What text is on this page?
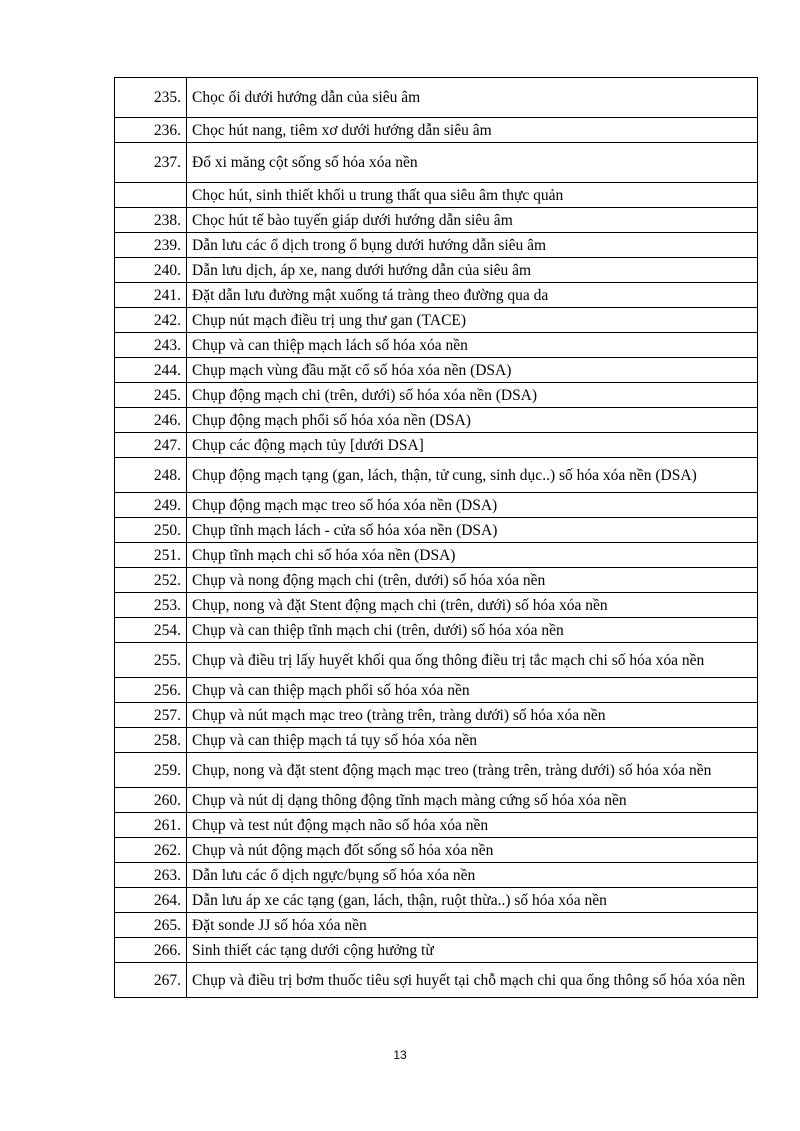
235.	Chọc ối dưới hướng dẫn của siêu âm
236.	Chọc hút nang, tiêm xơ dưới hướng dẫn siêu âm
237.	Đổ xi măng cột sống số hóa xóa nền
	Chọc hút, sinh thiết khối u trung thất qua siêu âm thực quản
238.	Chọc hút tế bào tuyến giáp dưới hướng dẫn siêu âm
239.	Dẫn lưu các ổ dịch trong ổ bụng dưới hướng dẫn siêu âm
240.	Dẫn lưu dịch, áp xe, nang dưới hướng dẫn của siêu âm
241.	Đặt dẫn lưu đường mật xuống tá tràng theo đường qua da
242.	Chụp nút mạch điều trị ung thư gan (TACE)
243.	Chụp và can thiệp mạch lách số hóa xóa nền
244.	Chụp mạch vùng đầu mặt cổ số hóa xóa nền (DSA)
245.	Chụp động mạch chi (trên, dưới) số hóa xóa nền (DSA)
246.	Chụp động mạch phổi số hóa xóa nền (DSA)
247.	Chụp các động mạch tủy [dưới DSA]
248.	Chụp động mạch tạng (gan, lách, thận, tử cung, sinh dục..) số hóa xóa nền (DSA)
249.	Chụp động mạch mạc treo số hóa xóa nền (DSA)
250.	Chụp tĩnh mạch lách - cửa số hóa xóa nền (DSA)
251.	Chụp tĩnh mạch chi số hóa xóa nền (DSA)
252.	Chụp và nong động mạch chi (trên, dưới) số hóa xóa nền
253.	Chụp, nong và đặt Stent động mạch chi (trên, dưới) số hóa xóa nền
254.	Chụp và can thiệp tĩnh mạch chi (trên, dưới) số hóa xóa nền
255.	Chụp và điều trị lấy huyết khối qua ống thông điều trị tắc mạch chi số hóa xóa nền
256.	Chụp và can thiệp mạch phổi số hóa xóa nền
257.	Chụp và nút mạch mạc treo (tràng trên, tràng dưới) số hóa xóa nền
258.	Chụp và can thiệp mạch tá tụy số hóa xóa nền
259.	Chụp, nong và đặt stent động mạch mạc treo (tràng trên, tràng dưới) số hóa xóa nền
260.	Chụp và nút dị dạng thông động tĩnh mạch màng cứng số hóa xóa nền
261.	Chụp và test nút động mạch não số hóa xóa nền
262.	Chụp và nút động mạch đốt sống số hóa xóa nền
263.	Dẫn lưu các ổ dịch ngực/bụng số hóa xóa nền
264.	Dẫn lưu áp xe các tạng (gan, lách, thận, ruột thừa..) số hóa xóa nền
265.	Đặt sonde JJ số hóa xóa nền
266.	Sinh thiết các tạng dưới cộng hưởng từ
267.	Chụp và điều trị bơm thuốc tiêu sợi huyết tại chỗ mạch chi qua ống thông số hóa xóa nền
13
